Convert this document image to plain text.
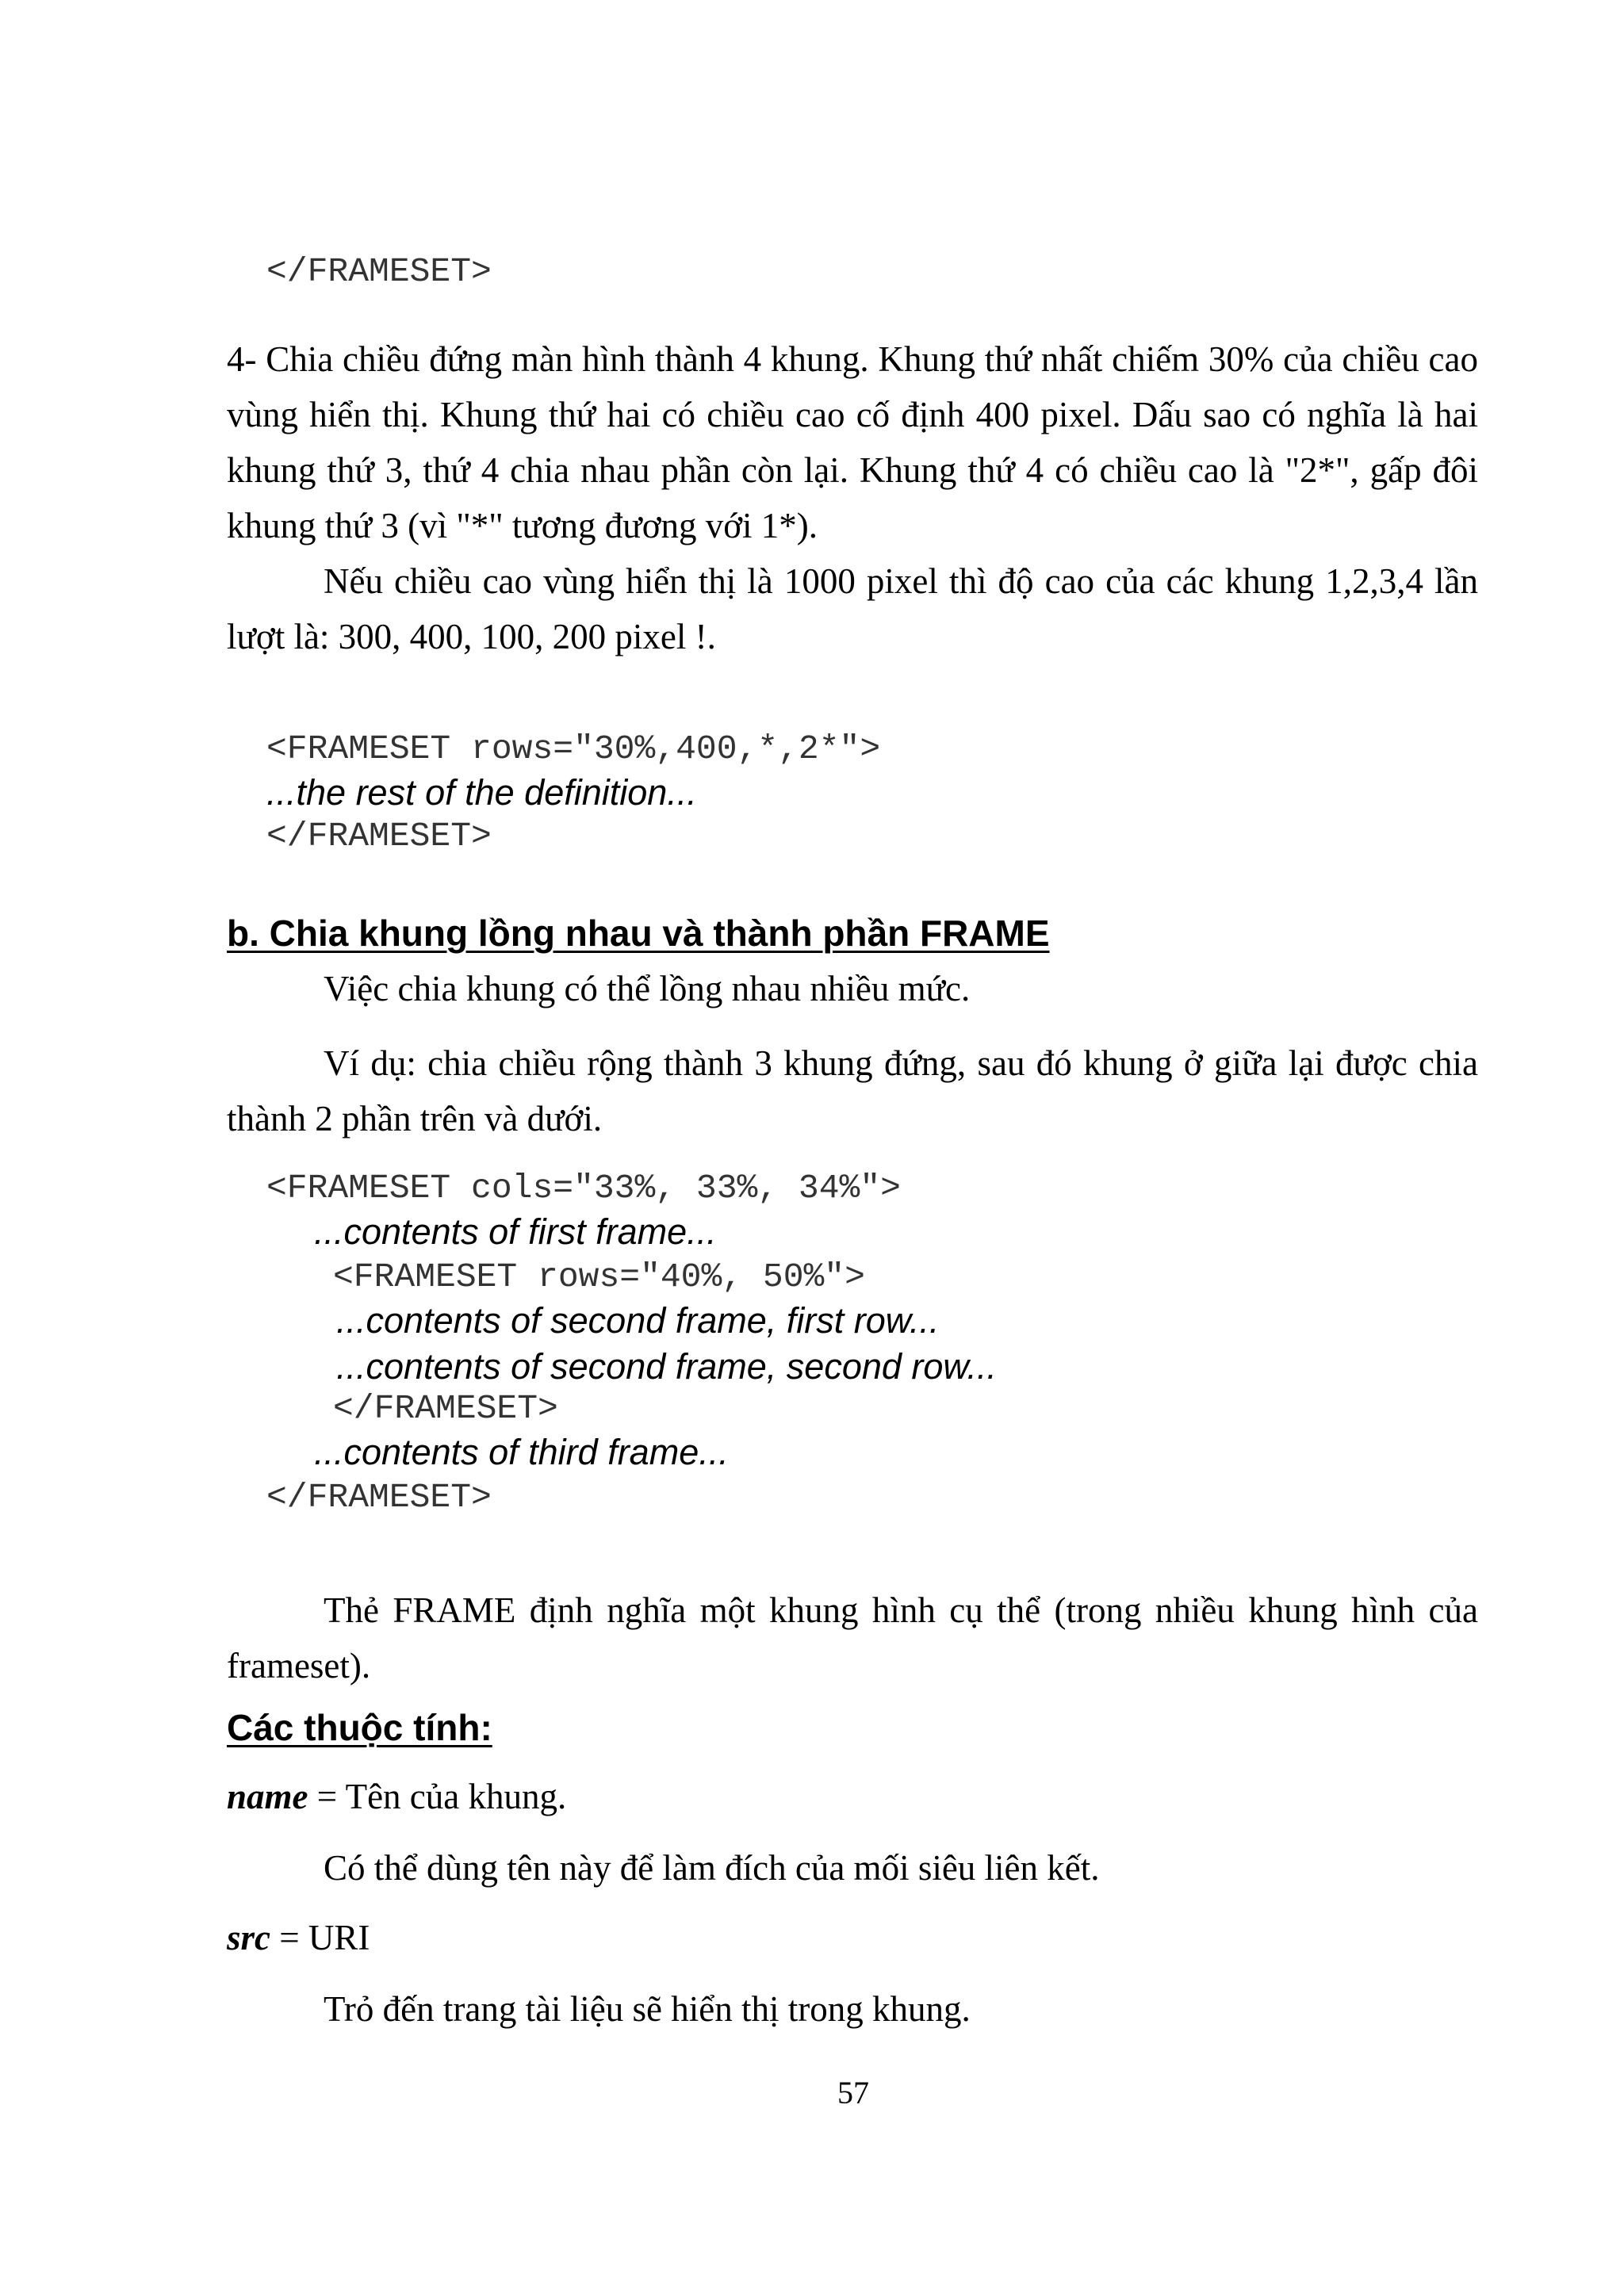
</FRAMESET>
4- Chia chiều đứng màn hình thành 4 khung. Khung thứ nhất chiếm 30% của chiều cao vùng hiển thị. Khung thứ hai có chiều cao cố định 400 pixel. Dấu sao có nghĩa là hai khung thứ 3, thứ 4 chia nhau phần còn lại. Khung thứ 4 có chiều cao là "2*", gấp đôi khung thứ 3 (vì "*" tương đương với 1*).
Nếu chiều cao vùng hiển thị là 1000 pixel thì độ cao của các khung 1,2,3,4 lần lượt là: 300, 400, 100, 200 pixel !.
<FRAMESET rows="30%,400,*,2*">
...the rest of the definition...
</FRAMESET>
b. Chia khung lồng nhau và thành phần FRAME
Việc chia khung có thể lồng nhau nhiều mức.
Ví dụ: chia chiều rộng thành 3 khung đứng, sau đó khung ở giữa lại được chia thành 2 phần trên và dưới.
<FRAMESET cols="33%, 33%, 34%">
...contents of first frame...
<FRAMESET rows="40%, 50%">
...contents of second frame, first row...
...contents of second frame, second row...
</FRAMESET>
...contents of third frame...
</FRAMESET>
Thẻ FRAME định nghĩa một khung hình cụ thể (trong nhiều khung hình của frameset).
Các thuộc tính:
name = Tên của khung.
Có thể dùng tên này để làm đích của mối siêu liên kết.
src = URI
Trỏ đến trang tài liệu sẽ hiển thị trong khung.
57
